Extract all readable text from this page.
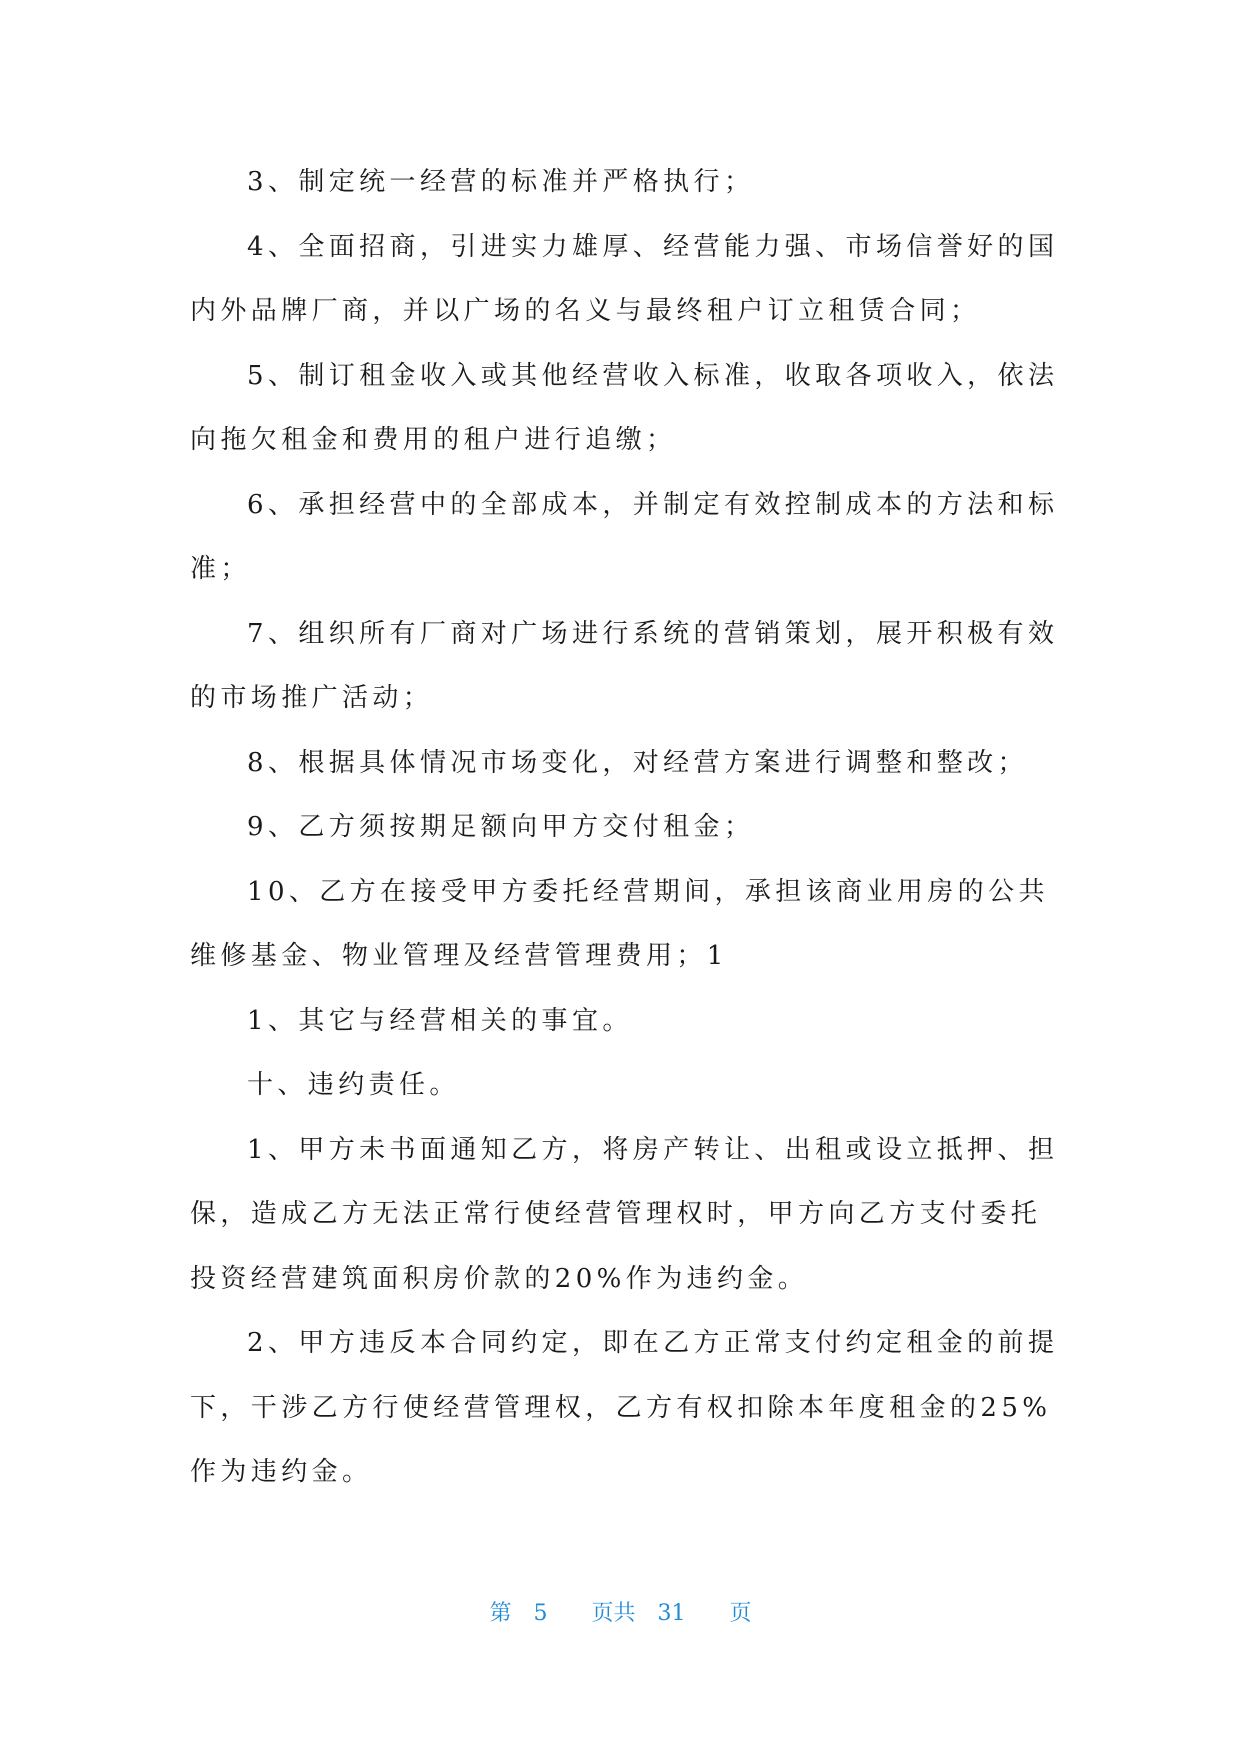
3、制定统一经营的标准并严格执行；

4、全面招商，引进实力雄厚、经营能力强、市场信誉好的国内外品牌厂商，并以广场的名义与最终租户订立租赁合同；

5、制订租金收入或其他经营收入标准，收取各项收入，依法向拖欠租金和费用的租户进行追缴；

6、承担经营中的全部成本，并制定有效控制成本的方法和标准；

7、组织所有厂商对广场进行系统的营销策划，展开积极有效的市场推广活动；

8、根据具体情况市场变化，对经营方案进行调整和整改；

9、乙方须按期足额向甲方交付租金；

10、乙方在接受甲方委托经营期间，承担该商业用房的公共维修基金、物业管理及经营管理费用；1

1、其它与经营相关的事宜。

十、违约责任。

1、甲方未书面通知乙方，将房产转让、出租或设立抵押、担保，造成乙方无法正常行使经营管理权时，甲方向乙方支付委托投资经营建筑面积房价款的20%作为违约金。

2、甲方违反本合同约定，即在乙方正常支付约定租金的前提下，干涉乙方行使经营管理权，乙方有权扣除本年度租金的25%作为违约金。

第 5 页共 31 页
